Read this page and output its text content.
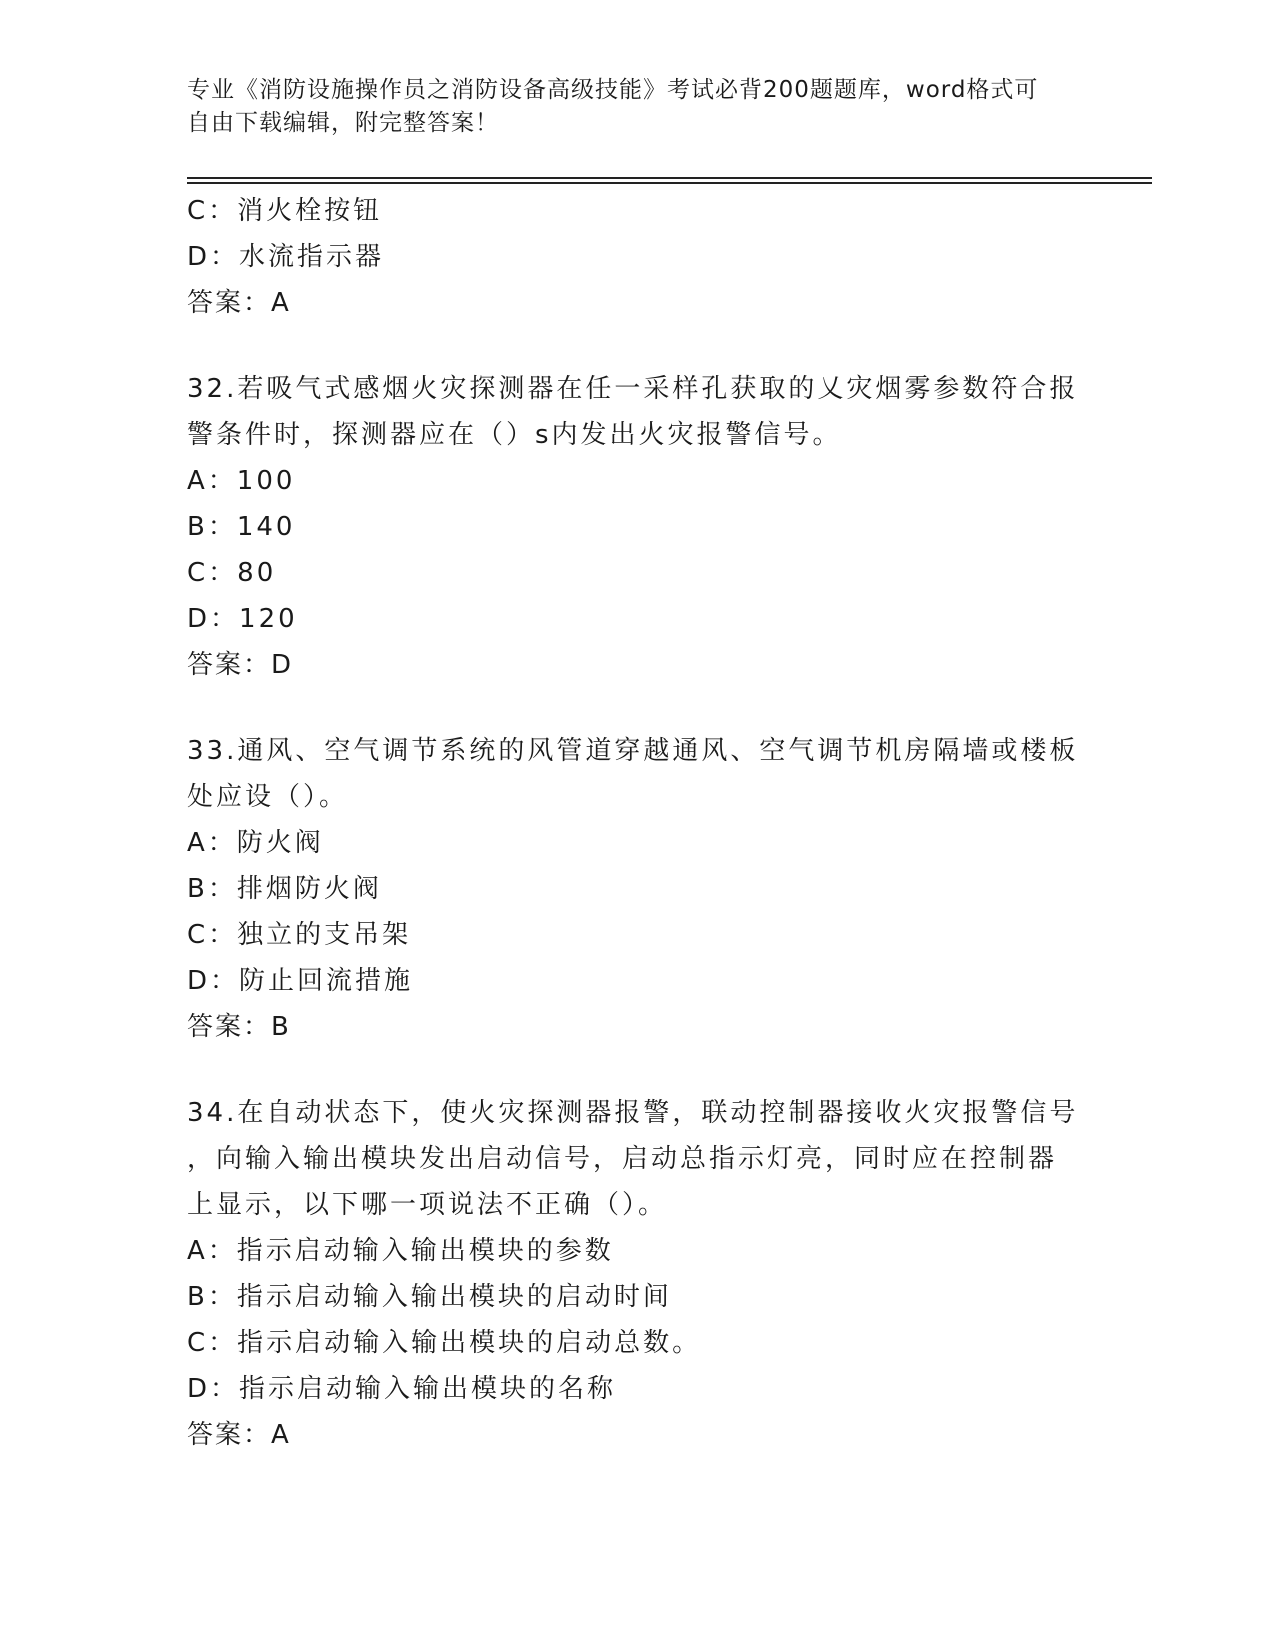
专业《消防设施操作员之消防设备高级技能》考试必背200题题库，word格式可
自由下载编辑，附完整答案！
C：消火栓按钮
D：水流指示器
答案：A
32.若吸气式感烟火灾探测器在任一采样孔获取的乂灾烟雾参数符合报
警条件时，探测器应在（）s内发出火灾报警信号。
A：100
B：140
C：80
D：120
答案：D
33.通风、空气调节系统的风管道穿越通风、空气调节机房隔墙或楼板
处应设（）。
A：防火阀
B：排烟防火阀
C：独立的支吊架
D：防止回流措施
答案：B
34.在自动状态下，使火灾探测器报警，联动控制器接收火灾报警信号
，向输入输出模块发出启动信号，启动总指示灯亮，同时应在控制器
上显示，以下哪一项说法不正确（）。
A：指示启动输入输出模块的参数
B：指示启动输入输出模块的启动时间
C：指示启动输入输出模块的启动总数。
D：指示启动输入输出模块的名称
答案：A
